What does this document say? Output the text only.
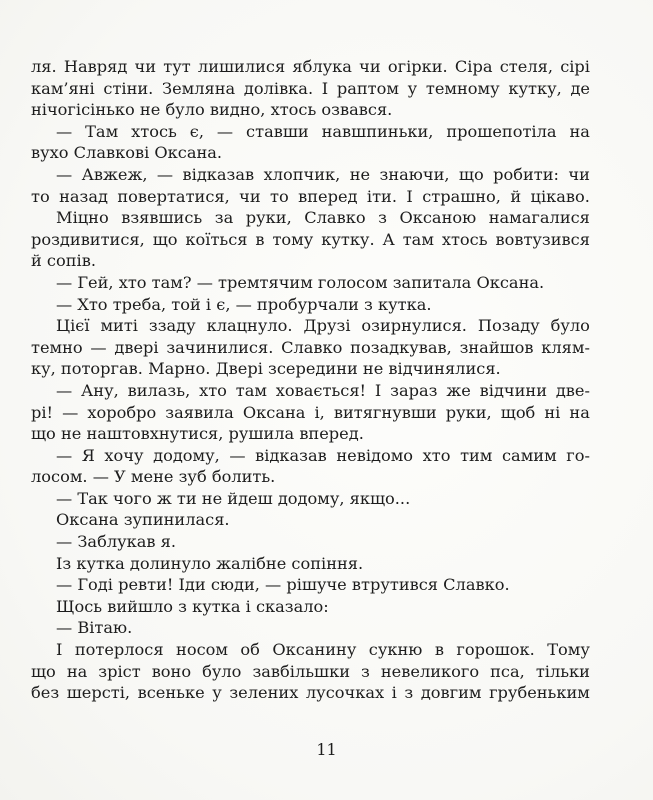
ля. Навряд чи тут лишилися яблука чи огірки. Сіра стеля, сірі
кам’яні стіни. Земляна долівка. І раптом у темному кутку, де
нічогісінько не було видно, хтось озвався.
— Там хтось є, — ставши навшпиньки, прошепотіла на
вухо Славкові Оксана.
— Авжеж, — відказав хлопчик, не знаючи, що робити: чи
то назад повертатися, чи то вперед іти. І страшно, й цікаво.
Міцно взявшись за руки, Славко з Оксаною намагалися
роздивитися, що коїться в тому кутку. А там хтось вовтузився
й сопів.
— Гей, хто там? — тремтячим голосом запитала Оксана.
— Хто треба, той і є, — пробурчали з кутка.
Цієї миті ззаду клацнуло. Друзі озирнулися. Позаду було
темно — двері зачинилися. Славко позадкував, знайшов клям-
ку, поторгав. Марно. Двері зсередини не відчинялися.
— Ану, вилазь, хто там ховається! І зараз же відчини две-
рі! — хоробро заявила Оксана і, витягнувши руки, щоб ні на
що не наштовхнутися, рушила вперед.
— Я хочу додому, — відказав невідомо хто тим самим го-
лосом. — У мене зуб болить.
— Так чого ж ти не йдеш додому, якщо...
Оксана зупинилася.
— Заблукав я.
Із кутка долинуло жалібне сопіння.
— Годі ревти! Іди сюди, — рішуче втрутився Славко.
Щось вийшло з кутка і сказало:
— Вітаю.
І потерлося носом об Оксанину сукню в горошок. Тому
що на зріст воно було завбільшки з невеликого пса, тільки
без шерсті, всеньке у зелених лусочках і з довгим грубеньким
11
